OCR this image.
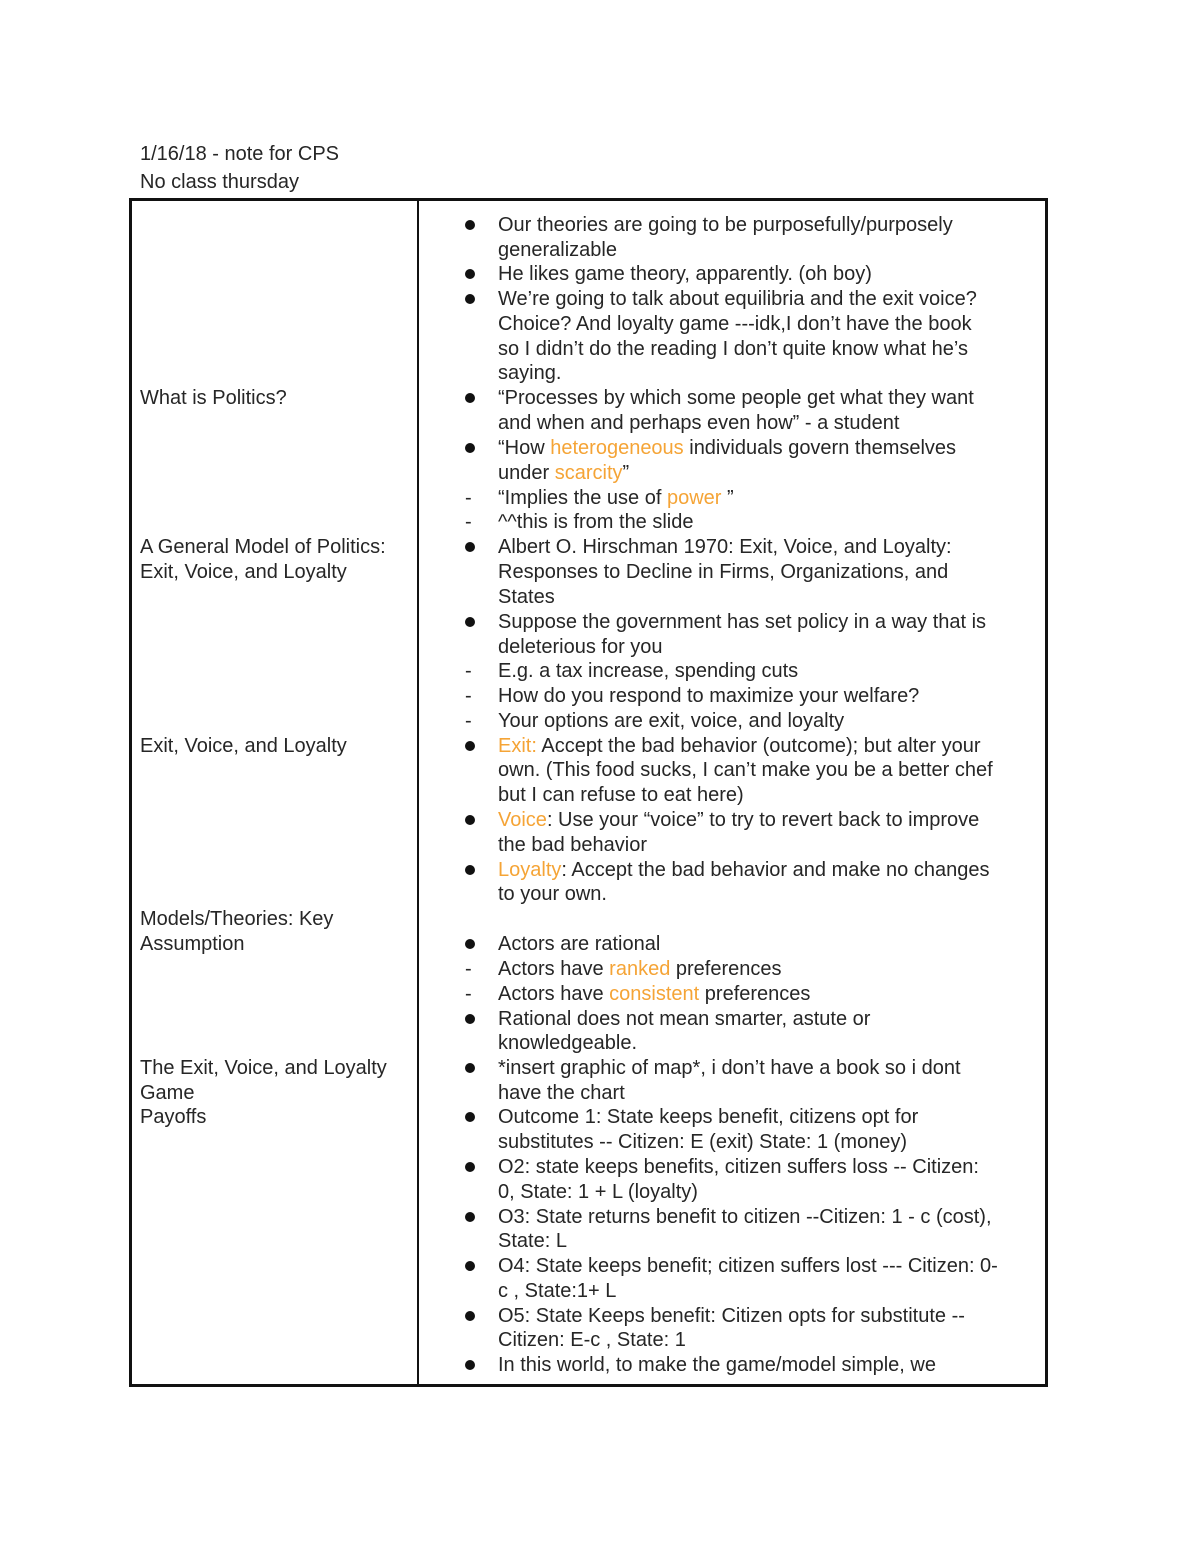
1/16/18 - note for CPS
No class thursday
What is Politics?
A General Model of Politics:
Exit, Voice, and Loyalty
Exit, Voice, and Loyalty
Models/Theories: Key
Assumption
The Exit, Voice, and Loyalty
Game
Payoffs
-
-
-
-
-
-
-
Our theories are going to be purposefully/purposely
generalizable
He likes game theory, apparently. (oh boy)
We’re going to talk about equilibria and the exit voice?
Choice? And loyalty game ---idk,I don’t have the book
so I didn’t do the reading I don’t quite know what he’s
saying.
“Processes by which some people get what they want
and when and perhaps even how” - a student
“How heterogeneous individuals govern themselves
under scarcity”
“Implies the use of power ”
^^this is from the slide
Albert O. Hirschman 1970: Exit, Voice, and Loyalty:
Responses to Decline in Firms, Organizations, and
States
Suppose the government has set policy in a way that is
deleterious for you
E.g. a tax increase, spending cuts
How do you respond to maximize your welfare?
Your options are exit, voice, and loyalty
Exit: Accept the bad behavior (outcome); but alter your
own. (This food sucks, I can’t make you be a better chef
but I can refuse to eat here)
Voice: Use your “voice” to try to revert back to improve
the bad behavior
Loyalty: Accept the bad behavior and make no changes
to your own.
Actors are rational
Actors have ranked preferences
Actors have consistent preferences
Rational does not mean smarter, astute or
knowledgeable.
*insert graphic of map*, i don’t have a book so i dont
have the chart
Outcome 1: State keeps benefit, citizens opt for
substitutes -- Citizen: E (exit) State: 1 (money)
O2: state keeps benefits, citizen suffers loss -- Citizen:
0, State: 1 + L (loyalty)
O3: State returns benefit to citizen --Citizen: 1 - c (cost),
State: L
O4: State keeps benefit; citizen suffers lost --- Citizen: 0-
c , State:1+ L
O5: State Keeps benefit: Citizen opts for substitute --
Citizen: E-c , State: 1
In this world, to make the game/model simple, we
